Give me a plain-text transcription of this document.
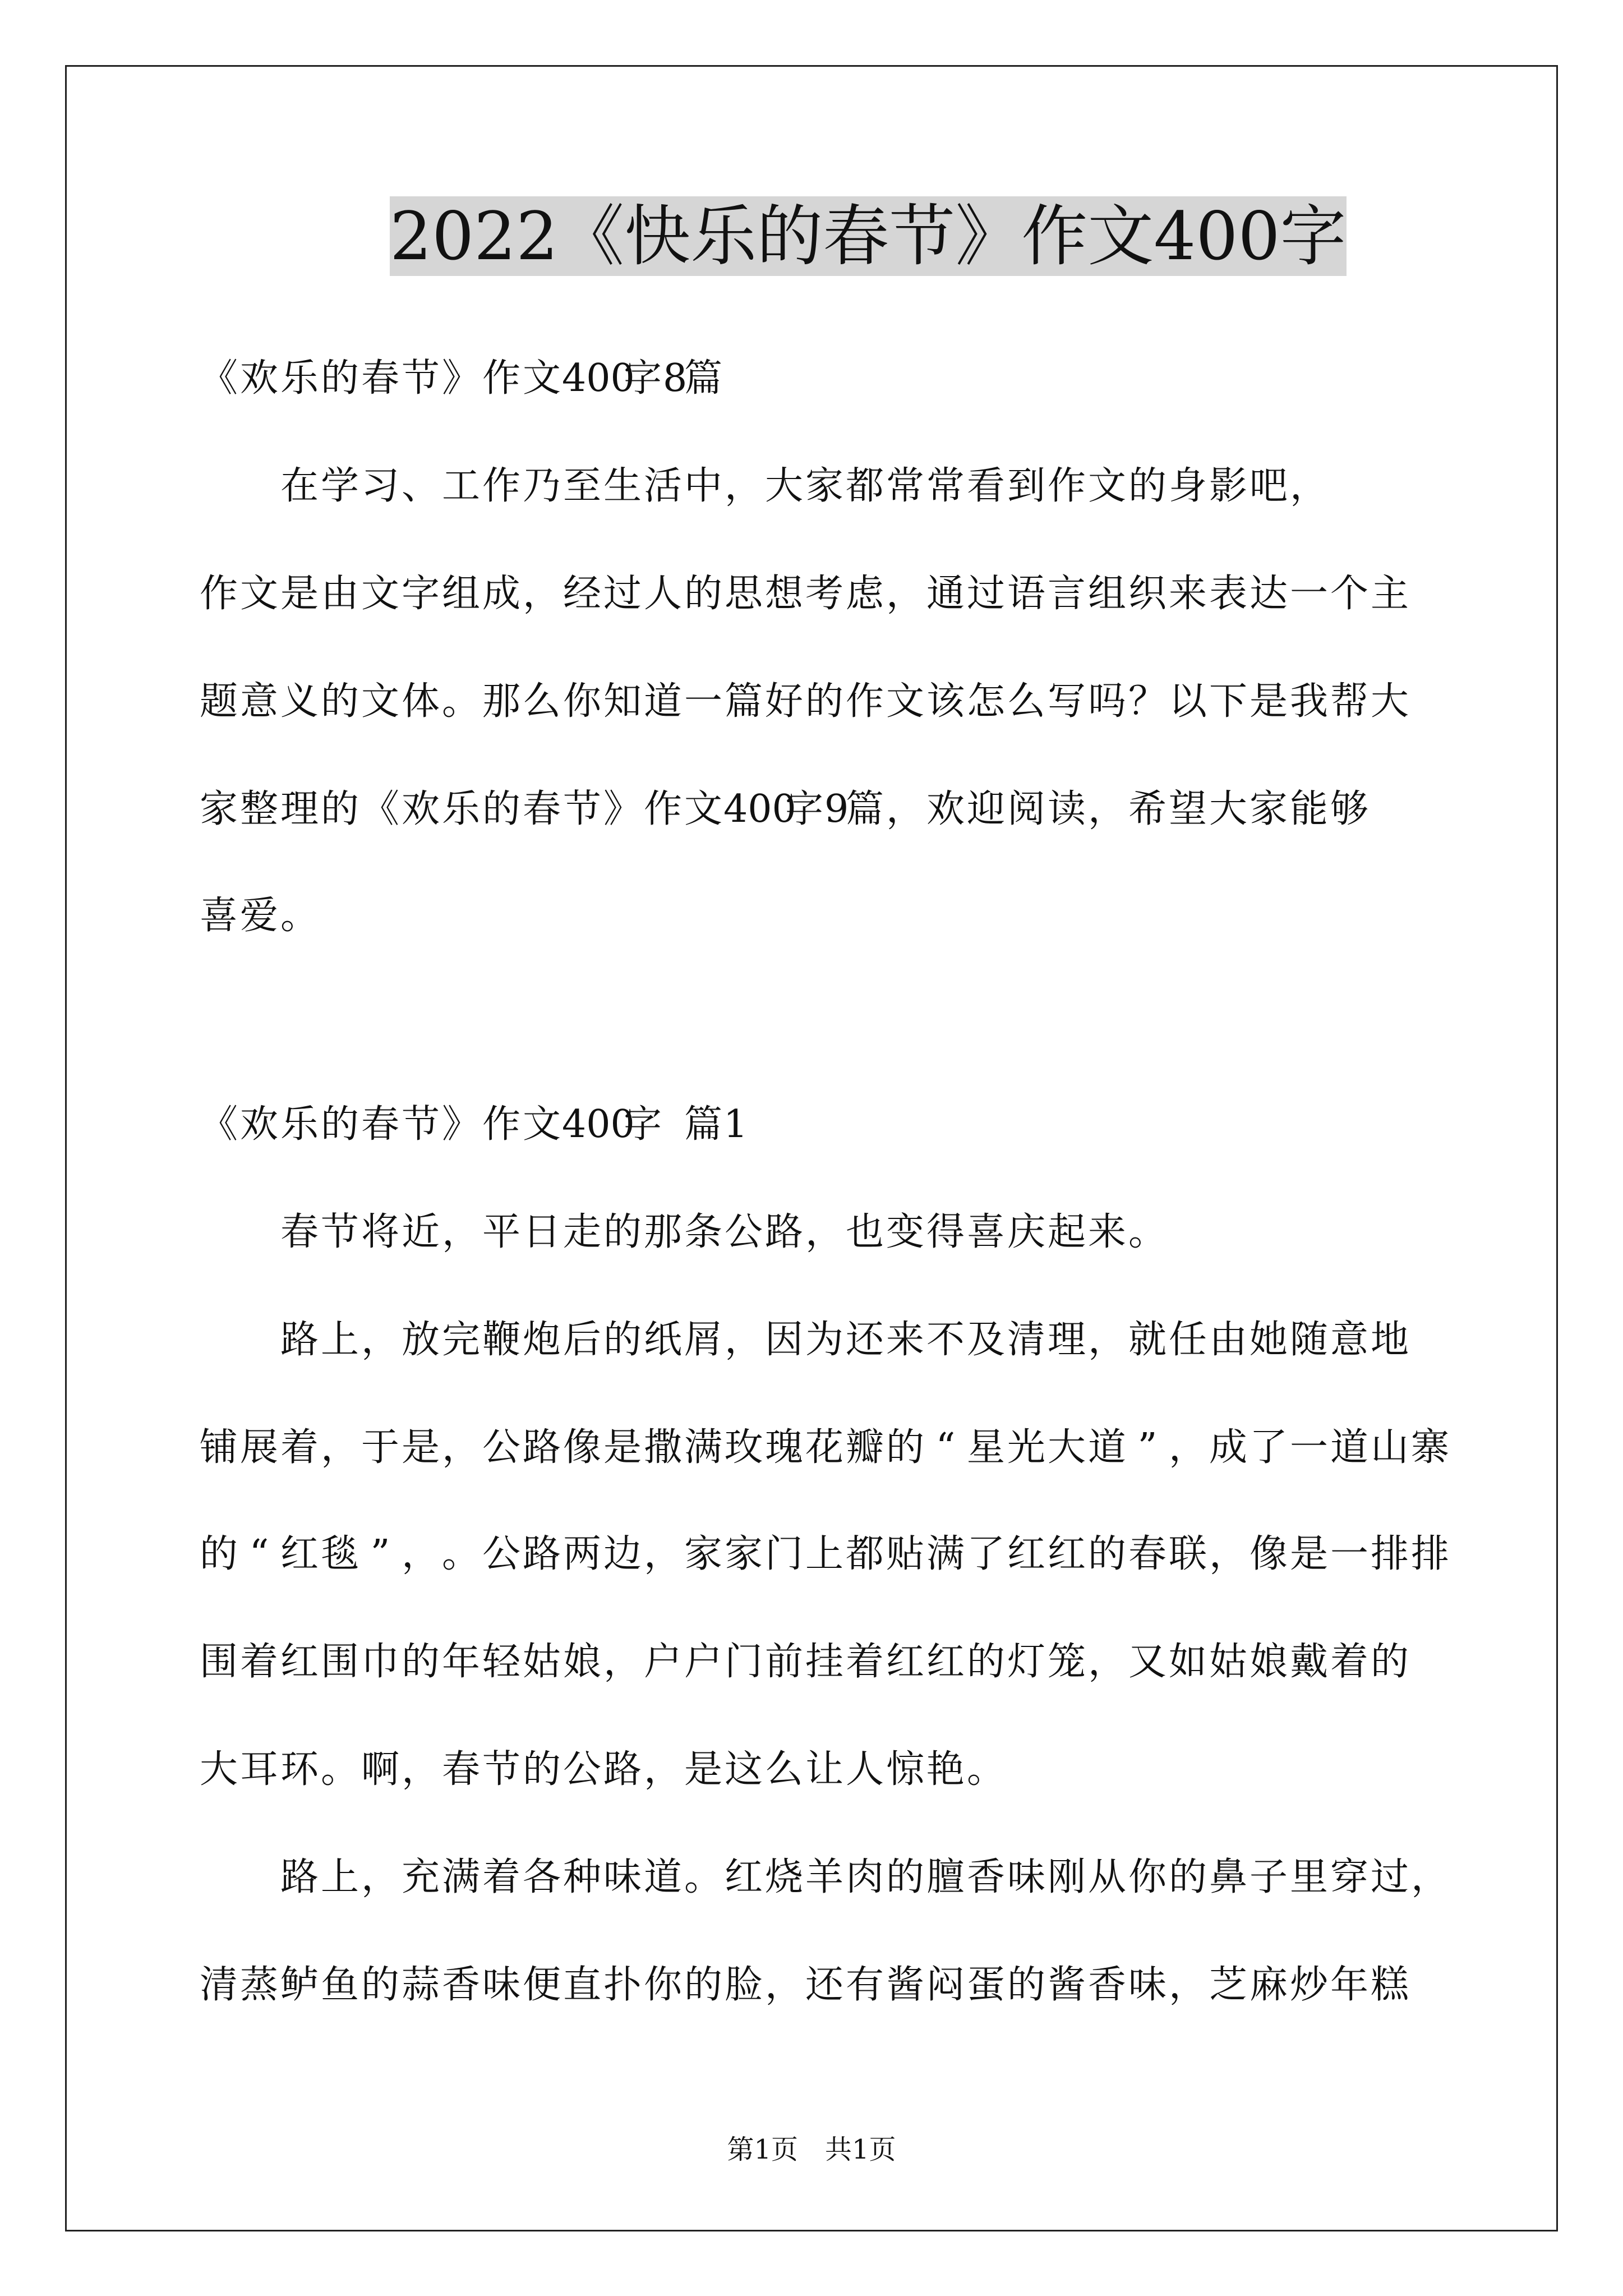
2022《快乐的春节》作文400字
《欢乐的春节》作文400字8篇
　　在学习、工作乃至生活中，大家都常常看到作文的身影吧，
作文是由文字组成，经过人的思想考虑，通过语言组织来表达一个主
题意义的文体。那么你知道一篇好的作文该怎么写吗？以下是我帮大
家整理的《欢乐的春节》作文400字9篇，欢迎阅读，希望大家能够
喜爱。
《欢乐的春节》作文400字 篇1
　　春节将近，平日走的那条公路，也变得喜庆起来。
　　路上，放完鞭炮后的纸屑，因为还来不及清理，就任由她随意地
铺展着，于是，公路像是撒满玫瑰花瓣的 “ 星光大道 ” ，成了一道山寨
的 “ 红毯 ” ，。公路两边，家家门上都贴满了红红的春联，像是一排排
围着红围巾的年轻姑娘，户户门前挂着红红的灯笼，又如姑娘戴着的
大耳环。啊，春节的公路，是这么让人惊艳。
　　路上，充满着各种味道。红烧羊肉的膻香味刚从你的鼻子里穿过，
清蒸鲈鱼的蒜香味便直扑你的脸，还有酱闷蛋的酱香味，芝麻炒年糕
第1页　共1页
